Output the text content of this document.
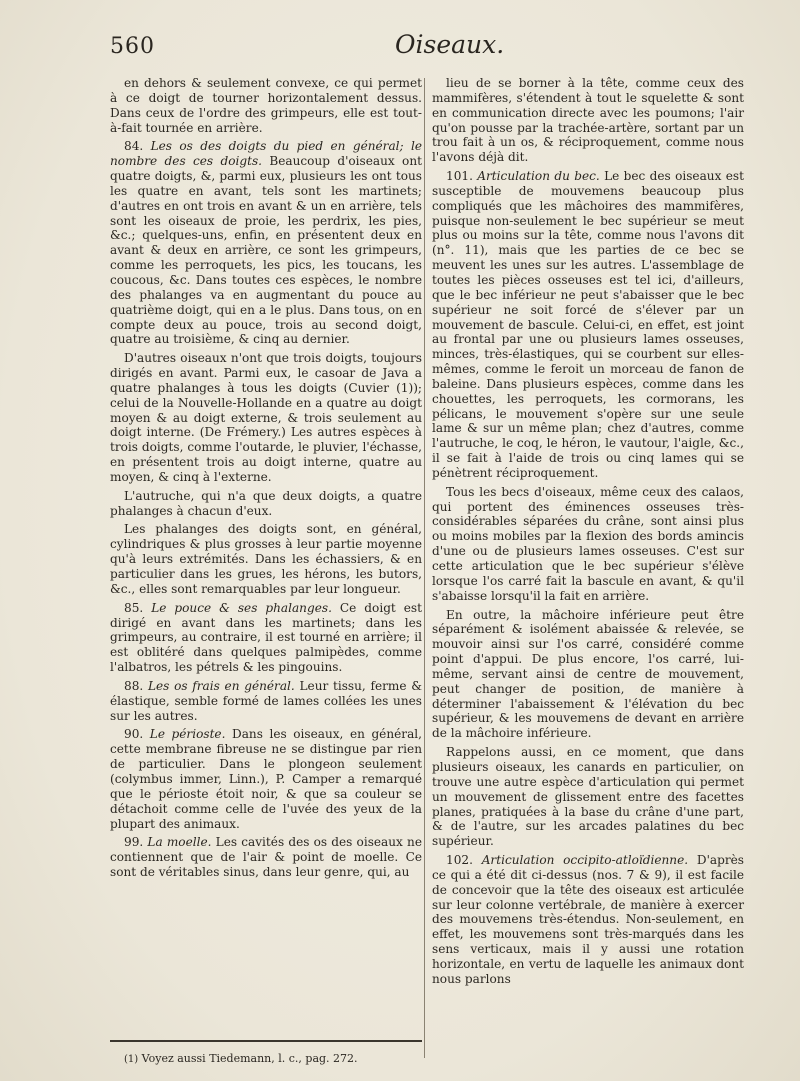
560	Oiseaux.

en dehors & seulement convexe, ce qui permet à ce doigt de tourner horizontalement dessus. Dans ceux de l'ordre des grimpeurs, elle est tout-à-fait tournée en arrière.

84. Les os des doigts du pied en général; le nombre des ces doigts. Beaucoup d'oiseaux ont quatre doigts, &, parmi eux, plusieurs les ont tous les quatre en avant, tels sont les martinets; d'autres en ont trois en avant & un en arrière, tels sont les oiseaux de proie, les perdrix, les pies, &c.; quelques-uns, enfin, en présentent deux en avant & deux en arrière, ce sont les grimpeurs, comme les perroquets, les pics, les toucans, les coucous, &c. Dans toutes ces espèces, le nombre des phalanges va en augmentant du pouce au quatrième doigt, qui en a le plus. Dans tous, on en compte deux au pouce, trois au second doigt, quatre au troisième, & cinq au dernier.

D'autres oiseaux n'ont que trois doigts, toujours dirigés en avant. Parmi eux, le casoar de Java a quatre phalanges à tous les doigts (Cuvier (1)); celui de la Nouvelle-Hollande en a quatre au doigt moyen & au doigt externe, & trois seulement au doigt interne. (De Frémery.) Les autres espèces à trois doigts, comme l'outarde, le pluvier, l'échasse, en présentent trois au doigt interne, quatre au moyen, & cinq à l'externe.

L'autruche, qui n'a que deux doigts, a quatre phalanges à chacun d'eux.

Les phalanges des doigts sont, en général, cylindriques & plus grosses à leur partie moyenne qu'à leurs extrémités. Dans les échassiers, & en particulier dans les grues, les hérons, les butors, &c., elles sont remarquables par leur longueur.

85. Le pouce & ses phalanges. Ce doigt est dirigé en avant dans les martinets; dans les grimpeurs, au contraire, il est tourné en arrière; il est oblitéré dans quelques palmipèdes, comme l'albatros, les pétrels & les pingouins.

88. Les os frais en général. Leur tissu, ferme & élastique, semble formé de lames collées les unes sur les autres.

90. Le périoste. Dans les oiseaux, en général, cette membrane fibreuse ne se distingue par rien de particulier. Dans le plongeon seulement (colymbus immer, Linn.), P. Camper a remarqué que le périoste étoit noir, & que sa couleur se détachoit comme celle de l'uvée des yeux de la plupart des animaux.

99. La moelle. Les cavités des os des oiseaux ne contiennent que de l'air & point de moelle. Ce sont de véritables sinus, dans leur genre, qui, au

lieu de se borner à la tête, comme ceux des mammifères, s'étendent à tout le squelette & sont en communication directe avec les poumons; l'air qu'on pousse par la trachée-artère, sortant par un trou fait à un os, & réciproquement, comme nous l'avons déjà dit.

101. Articulation du bec. Le bec des oiseaux est susceptible de mouvemens beaucoup plus compliqués que les mâchoires des mammifères, puisque non-seulement le bec supérieur se meut plus ou moins sur la tête, comme nous l'avons dit (n°. 11), mais que les parties de ce bec se meuvent les unes sur les autres. L'assemblage de toutes les pièces osseuses est tel ici, d'ailleurs, que le bec inférieur ne peut s'abaisser que le bec supérieur ne soit forcé de s'élever par un mouvement de bascule. Celui-ci, en effet, est joint au frontal par une ou plusieurs lames osseuses, minces, très-élastiques, qui se courbent sur elles-mêmes, comme le feroit un morceau de fanon de baleine. Dans plusieurs espèces, comme dans les chouettes, les perroquets, les cormorans, les pélicans, le mouvement s'opère sur une seule lame & sur un même plan; chez d'autres, comme l'autruche, le coq, le héron, le vautour, l'aigle, &c., il se fait à l'aide de trois ou cinq lames qui se pénètrent réciproquement.

Tous les becs d'oiseaux, même ceux des calaos, qui portent des éminences osseuses très-considérables séparées du crâne, sont ainsi plus ou moins mobiles par la flexion des bords amincis d'une ou de plusieurs lames osseuses. C'est sur cette articulation que le bec supérieur s'élève lorsque l'os carré fait la bascule en avant, & qu'il s'abaisse lorsqu'il la fait en arrière.

En outre, la mâchoire inférieure peut être séparément & isolément abaissée & relevée, se mouvoir ainsi sur l'os carré, considéré comme point d'appui. De plus encore, l'os carré, lui-même, servant ainsi de centre de mouvement, peut changer de position, de manière à déterminer l'abaissement & l'élévation du bec supérieur, & les mouvemens de devant en arrière de la mâchoire inférieure.

Rappelons aussi, en ce moment, que dans plusieurs oiseaux, les canards en particulier, on trouve une autre espèce d'articulation qui permet un mouvement de glissement entre des facettes planes, pratiquées à la base du crâne d'une part, & de l'autre, sur les arcades palatines du bec supérieur.

102. Articulation occipito-atloïdienne. D'après ce qui a été dit ci-dessus (nos. 7 & 9), il est facile de concevoir que la tête des oiseaux est articulée sur leur colonne vertébrale, de manière à exercer des mouvemens très-étendus. Non-seulement, en effet, les mouvemens sont très-marqués dans les sens verticaux, mais il y aussi une rotation horizontale, en vertu de laquelle les animaux dont nous parlons

(1) Voyez aussi Tiedemann, l. c., pag. 272.
